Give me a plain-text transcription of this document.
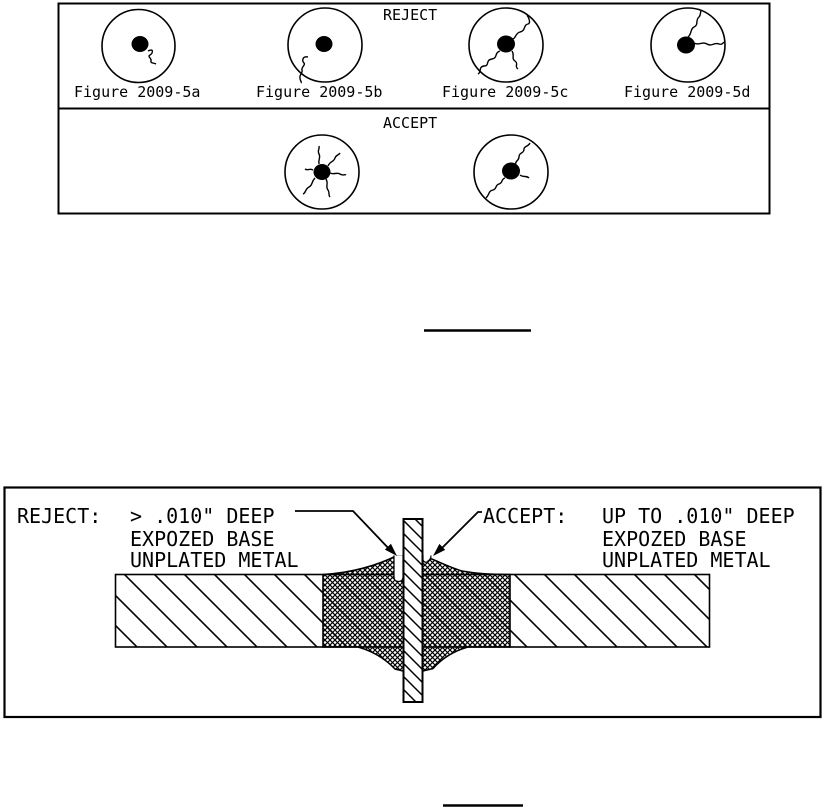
REJECT
ACCEPT
Figure 2009-5a	Figure 2009-5b	Figure 2009-5c	Figure 2009-5d
REJECT: > .010" DEEP
EXPOZED BASE
UNPLATED METAL
ACCEPT: UP TO .010" DEEP
EXPOZED BASE
UNPLATED METAL
